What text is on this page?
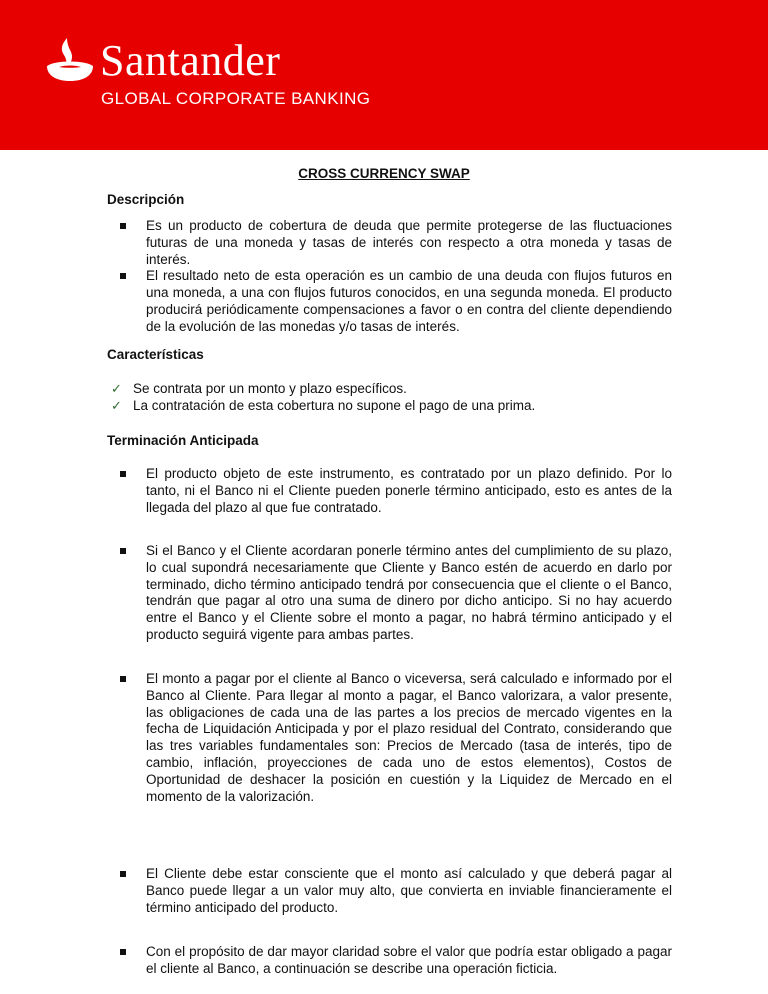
Santander
GLOBAL CORPORATE BANKING
CROSS CURRENCY SWAP
Descripción
Es un producto de cobertura de deuda que permite protegerse de las fluctuaciones futuras de una moneda y tasas de interés con respecto a otra moneda y tasas de interés.
El resultado neto de esta operación es un cambio de una deuda con flujos futuros en una moneda, a una con flujos futuros conocidos, en una segunda moneda. El producto producirá periódicamente compensaciones a favor o en contra del cliente dependiendo de la evolución de las monedas y/o tasas de interés.
Características
✓ Se contrata por un monto y plazo específicos.
✓ La contratación de esta cobertura no supone el pago de una prima.
Terminación Anticipada
El producto objeto de este instrumento, es contratado por un plazo definido. Por lo tanto, ni el Banco ni el Cliente pueden ponerle término anticipado, esto es antes de la llegada del plazo al que fue contratado.
Si el Banco y el Cliente acordaran ponerle término antes del cumplimiento de su plazo, lo cual supondrá necesariamente que Cliente y Banco estén de acuerdo en darlo por terminado, dicho término anticipado tendrá por consecuencia que el cliente o el Banco, tendrán que pagar al otro una suma de dinero por dicho anticipo. Si no hay acuerdo entre el Banco y el Cliente sobre el monto a pagar, no habrá término anticipado y el producto seguirá vigente para ambas partes.
El monto a pagar por el cliente al Banco o viceversa, será calculado e informado por el Banco al Cliente. Para llegar al monto a pagar, el Banco valorizara, a valor presente, las obligaciones de cada una de las partes a los precios de mercado vigentes en la fecha de Liquidación Anticipada y por el plazo residual del Contrato, considerando que las tres variables fundamentales son: Precios de Mercado (tasa de interés, tipo de cambio, inflación, proyecciones de cada uno de estos elementos), Costos de Oportunidad de deshacer la posición en cuestión y la Liquidez de Mercado en el momento de la valorización.
El Cliente debe estar consciente que el monto así calculado y que deberá pagar al Banco puede llegar a un valor muy alto, que convierta en inviable financieramente el término anticipado del producto.
Con el propósito de dar mayor claridad sobre el valor que podría estar obligado a pagar el cliente al Banco, a continuación se describe una operación ficticia.
